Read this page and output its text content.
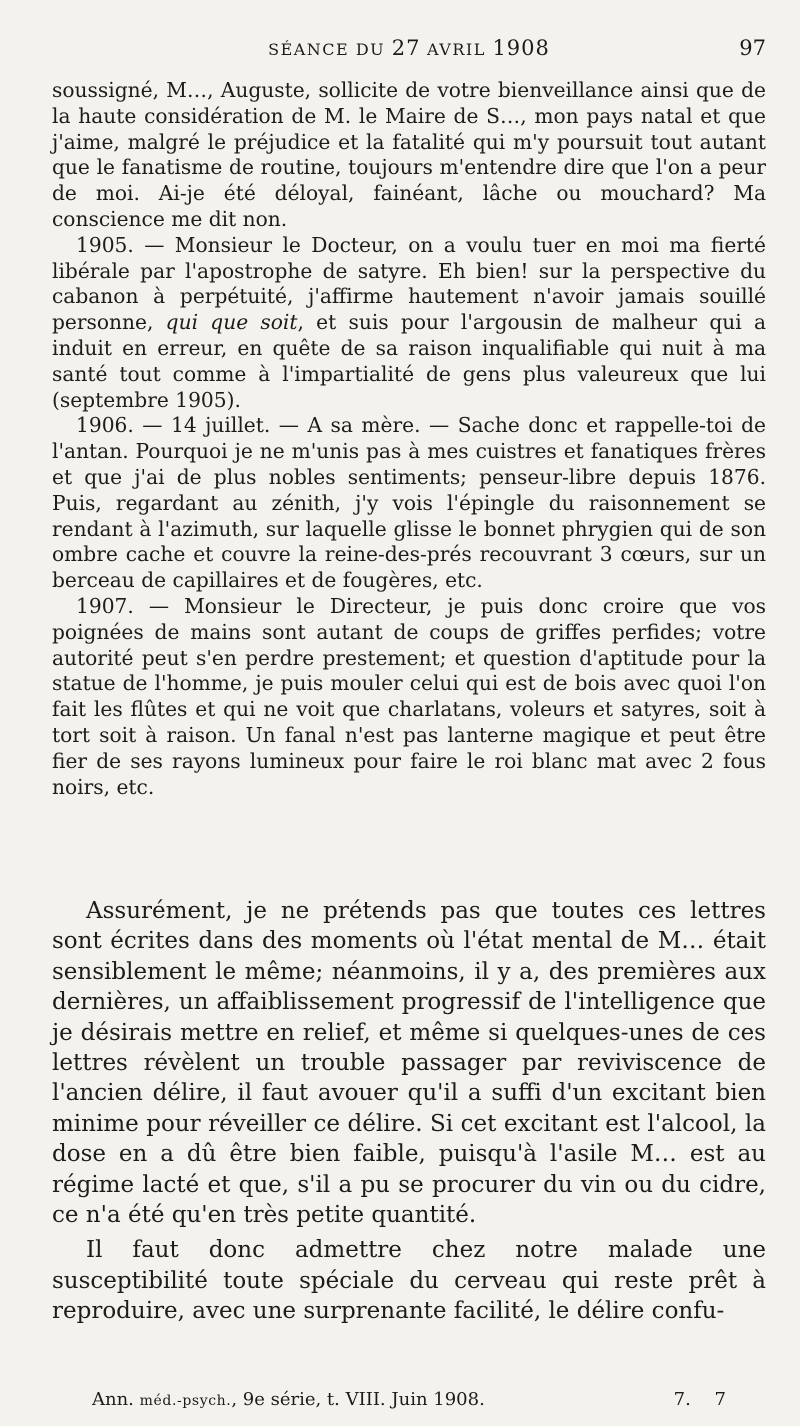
SÉANCE DU 27 AVRIL 1908	97

soussigné, M…, Auguste, sollicite de votre bienveillance ainsi que de la haute considération de M. le Maire de S…, mon pays natal et que j'aime, malgré le préjudice et la fatalité qui m'y poursuit tout autant que le fanatisme de routine, toujours m'entendre dire que l'on a peur de moi. Ai-je été déloyal, fainéant, lâche ou mouchard? Ma conscience me dit non.

1905. — Monsieur le Docteur, on a voulu tuer en moi ma fierté libérale par l'apostrophe de satyre. Eh bien! sur la perspective du cabanon à perpétuité, j'affirme hautement n'avoir jamais souillé personne, qui que soit, et suis pour l'argousin de malheur qui a induit en erreur, en quête de sa raison inqualifiable qui nuit à ma santé tout comme à l'impartialité de gens plus valeureux que lui (septembre 1905).

1906. — 14 juillet. — A sa mère. — Sache donc et rappelle-toi de l'antan. Pourquoi je ne m'unis pas à mes cuistres et fanatiques frères et que j'ai de plus nobles sentiments; penseur-libre depuis 1876. Puis, regardant au zénith, j'y vois l'épingle du raisonnement se rendant à l'azimuth, sur laquelle glisse le bonnet phrygien qui de son ombre cache et couvre la reine-des-prés recouvrant 3 cœurs, sur un berceau de capillaires et de fougères, etc.

1907. — Monsieur le Directeur, je puis donc croire que vos poignées de mains sont autant de coups de griffes perfides; votre autorité peut s'en perdre prestement; et question d'aptitude pour la statue de l'homme, je puis mouler celui qui est de bois avec quoi l'on fait les flûtes et qui ne voit que charlatans, voleurs et satyres, soit à tort soit à raison. Un fanal n'est pas lanterne magique et peut être fier de ses rayons lumineux pour faire le roi blanc mat avec 2 fous noirs, etc.

Assurément, je ne prétends pas que toutes ces lettres sont écrites dans des moments où l'état mental de M… était sensiblement le même; néanmoins, il y a, des premières aux dernières, un affaiblissement progressif de l'intelligence que je désirais mettre en relief, et même si quelques-unes de ces lettres révèlent un trouble passager par reviviscence de l'ancien délire, il faut avouer qu'il a suffi d'un excitant bien minime pour réveiller ce délire. Si cet excitant est l'alcool, la dose en a dû être bien faible, puisqu'à l'asile M… est au régime lacté et que, s'il a pu se procurer du vin ou du cidre, ce n'a été qu'en très petite quantité.

Il faut donc admettre chez notre malade une susceptibilité toute spéciale du cerveau qui reste prêt à reproduire, avec une surprenante facilité, le délire confu-

Ann. méd.-psych., 9e série, t. VIII. Juin 1908.	7. 7
